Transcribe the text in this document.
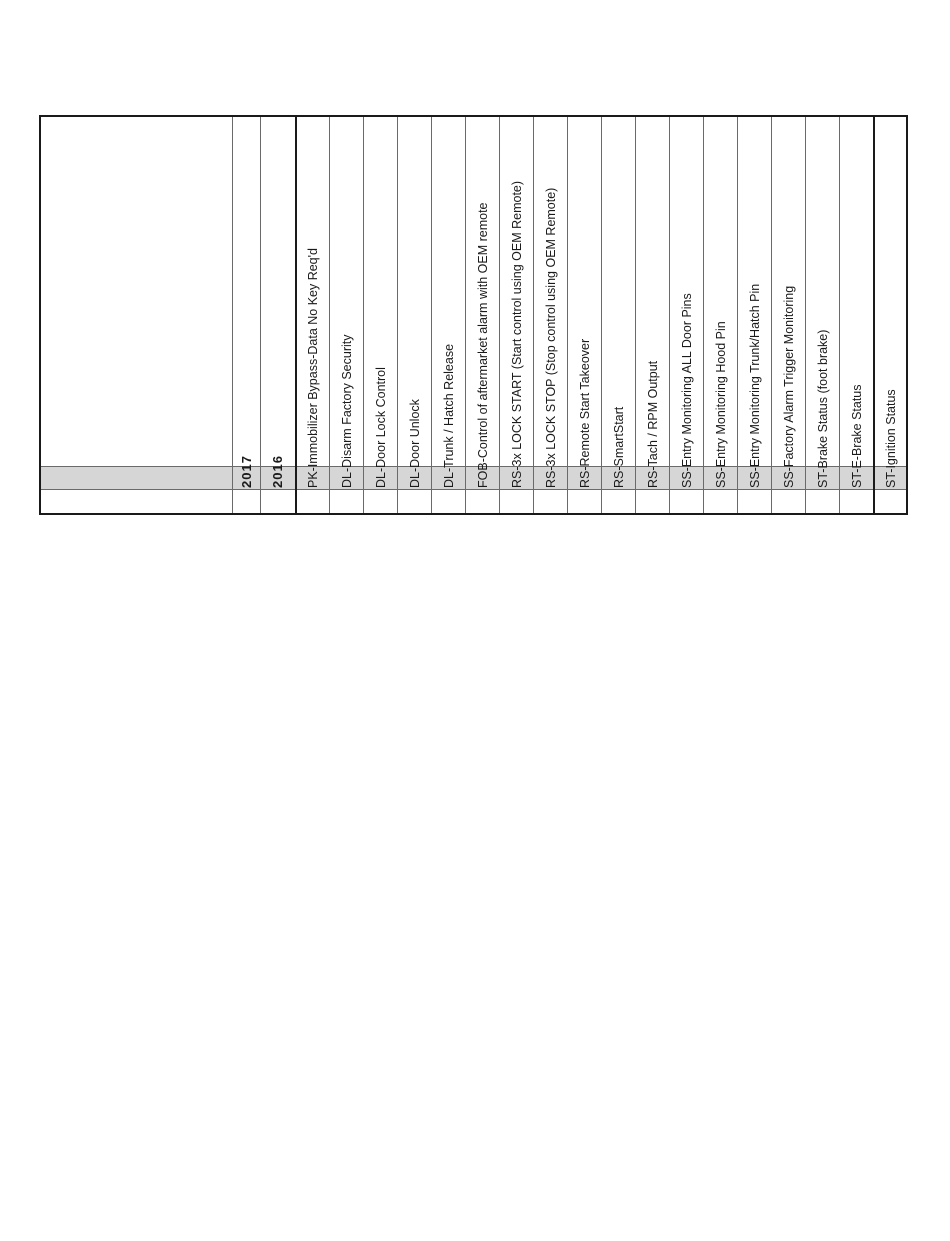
2017	2016	PK-Immobilizer Bypass-Data No Key Req'd	DL-Disarm Factory Security	DL-Door Lock Control	DL-Door Unlock	DL-Trunk / Hatch Release	FOB-Control of aftermarket alarm with OEM remote	RS-3x LOCK START (Start control using OEM Remote)	RS-3x LOCK STOP (Stop control using OEM Remote)	RS-Remote Start Takeover	RS-SmartStart	RS-Tach / RPM Output	SS-Entry Monitoring ALL Door Pins	SS-Entry Monitoring Hood Pin	SS-Entry Monitoring Trunk/Hatch Pin	SS-Factory Alarm Trigger Monitoring	ST-Brake Status (foot brake)	ST-E-Brake Status	ST-Ignition Status
